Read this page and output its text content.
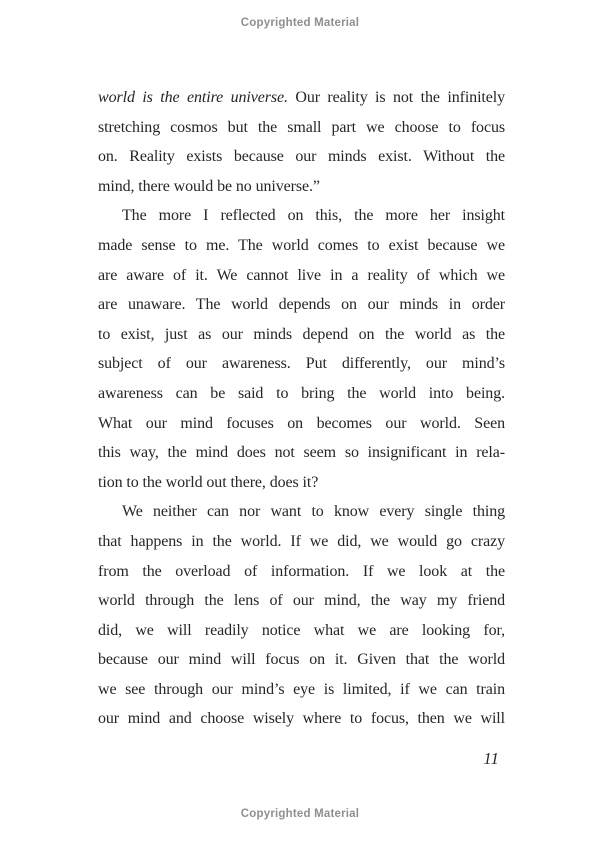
Copyrighted Material
world is the entire universe. Our reality is not the infinitely
stretching cosmos but the small part we choose to focus
on. Reality exists because our minds exist. Without the
mind, there would be no universe.”
The more I reflected on this, the more her insight
made sense to me. The world comes to exist because we
are aware of it. We cannot live in a reality of which we
are unaware. The world depends on our minds in order
to exist, just as our minds depend on the world as the
subject of our awareness. Put differently, our mind’s
awareness can be said to bring the world into being.
What our mind focuses on becomes our world. Seen
this way, the mind does not seem so insignificant in rela-
tion to the world out there, does it?
We neither can nor want to know every single thing
that happens in the world. If we did, we would go crazy
from the overload of information. If we look at the
world through the lens of our mind, the way my friend
did, we will readily notice what we are looking for,
because our mind will focus on it. Given that the world
we see through our mind’s eye is limited, if we can train
our mind and choose wisely where to focus, then we will
11
Copyrighted Material
